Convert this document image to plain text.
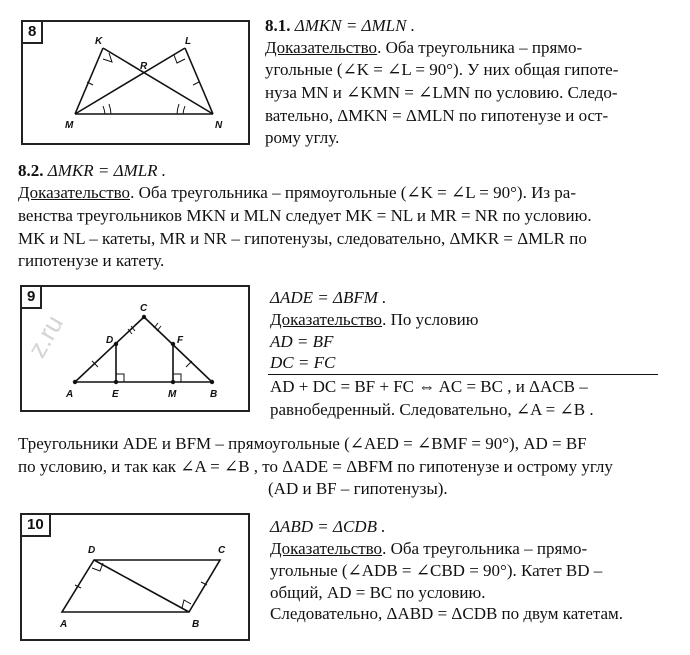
K	L
R
M	N
8	8.1. ΔMKN = ΔMLN .
Доказательство. Оба треугольника – прямо-
угольные (∠K = ∠L = 90°). У них общая гипоте-
нуза MN и ∠KMN = ∠LMN по условию. Следо-
вательно, ΔMKN = ΔMLN по гипотенузе и ост-
рому углу.
8.2. ΔMKR = ΔMLR .
Доказательство. Оба треугольника – прямоугольные (∠K = ∠L = 90°). Из ра-
венства треугольников MKN и MLN следует MK = NL и MR = NR по условию.
MK и NL – катеты, MR и NR – гипотенузы, следовательно, ΔMKR = ΔMLR по
гипотенузе и катету.
C
D	F
A	E	M	B
9
z.ru
ΔADE = ΔBFM .
Доказательство. По условию
AD = BF
DC = FC
AD + DC = BF + FC ⇔ AC = BC , и ΔACB –
равнобедренный. Следовательно, ∠A = ∠B .
Треугольники ADE и BFM – прямоугольные (∠AED = ∠BMF = 90°), AD = BF
по условию, и так как ∠A = ∠B , то ΔADE = ΔBFM по гипотенузе и острому углу
(AD и BF – гипотенузы).
D	C
A	B
10	ΔABD = ΔCDB .
Доказательство. Оба треугольника – прямо-
угольные (∠ADB = ∠CBD = 90°). Катет BD –
общий, AD = BC по условию.
Следовательно, ΔABD = ΔCDB по двум катетам.
